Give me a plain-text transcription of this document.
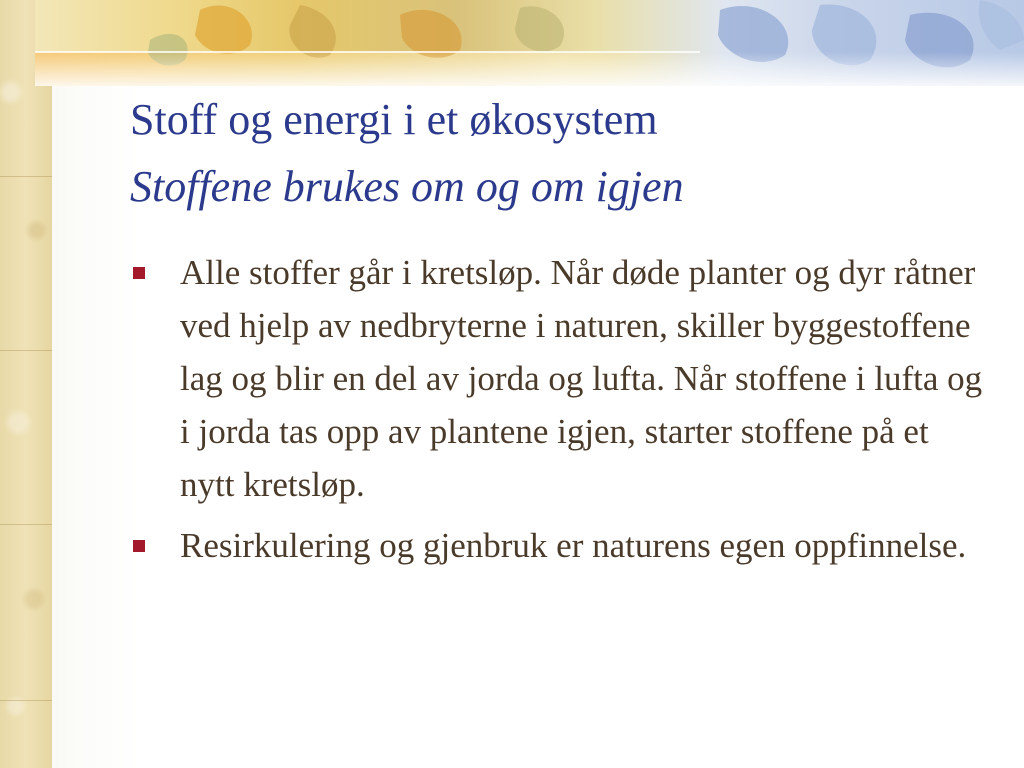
Stoff og energi i et økosystem
Stoffene brukes om og om igjen
Alle stoffer går i kretsløp. Når døde planter og dyr råtner ved hjelp av nedbryterne i naturen, skiller byggestoffene lag og blir en del av jorda og lufta. Når stoffene i lufta og i jorda tas opp av plantene igjen, starter stoffene på et nytt kretsløp.
Resirkulering og gjenbruk er naturens egen oppfinnelse.
